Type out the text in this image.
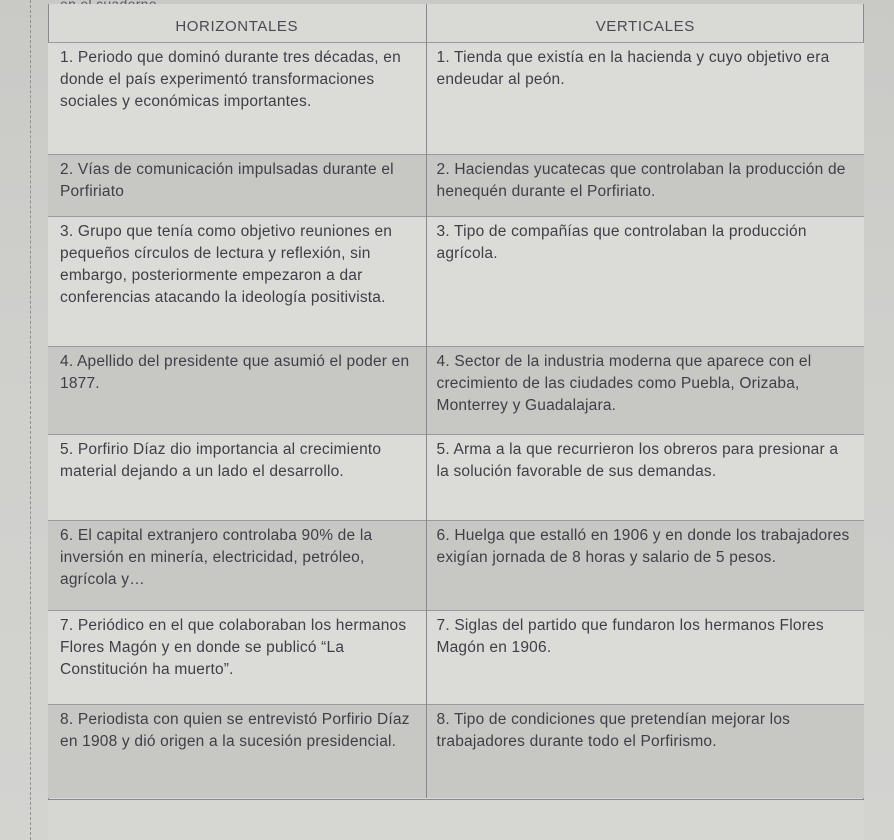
HORIZONTALES	VERTICALES
1. Periodo que dominó durante tres décadas, en donde el país experimentó transformaciones sociales y económicas importantes.	1. Tienda que existía en la hacienda y cuyo objetivo era endeudar al peón.
2. Vías de comunicación impulsadas durante el Porfiriato	2. Haciendas yucatecas que controlaban la producción de henequén durante el Porfiriato.
3. Grupo que tenía como objetivo reuniones en pequeños círculos de lectura y reflexión, sin embargo, posteriormente empezaron a dar conferencias atacando la ideología positivista.	3. Tipo de compañías que controlaban la producción agrícola.
4. Apellido del presidente que asumió el poder en 1877.	4. Sector de la industria moderna que aparece con el crecimiento de las ciudades como Puebla, Orizaba, Monterrey y Guadalajara.
5. Porfirio Díaz dio importancia al crecimiento material dejando a un lado el desarrollo.	5. Arma a la que recurrieron los obreros para presionar a la solución favorable de sus demandas.
6. El capital extranjero controlaba 90% de la inversión en minería, electricidad, petróleo, agrícola y…	6. Huelga que estalló en 1906 y en donde los trabajadores exigían jornada de 8 horas y salario de 5 pesos.
7. Periódico en el que colaboraban los hermanos Flores Magón y en donde se publicó “La Constitución ha muerto”.	7. Siglas del partido que fundaron los hermanos Flores Magón en 1906.
8. Periodista con quien se entrevistó Porfirio Díaz en 1908 y dió origen a la sucesión presidencial.	8. Tipo de condiciones que pretendían mejorar los trabajadores durante todo el Porfirismo.
